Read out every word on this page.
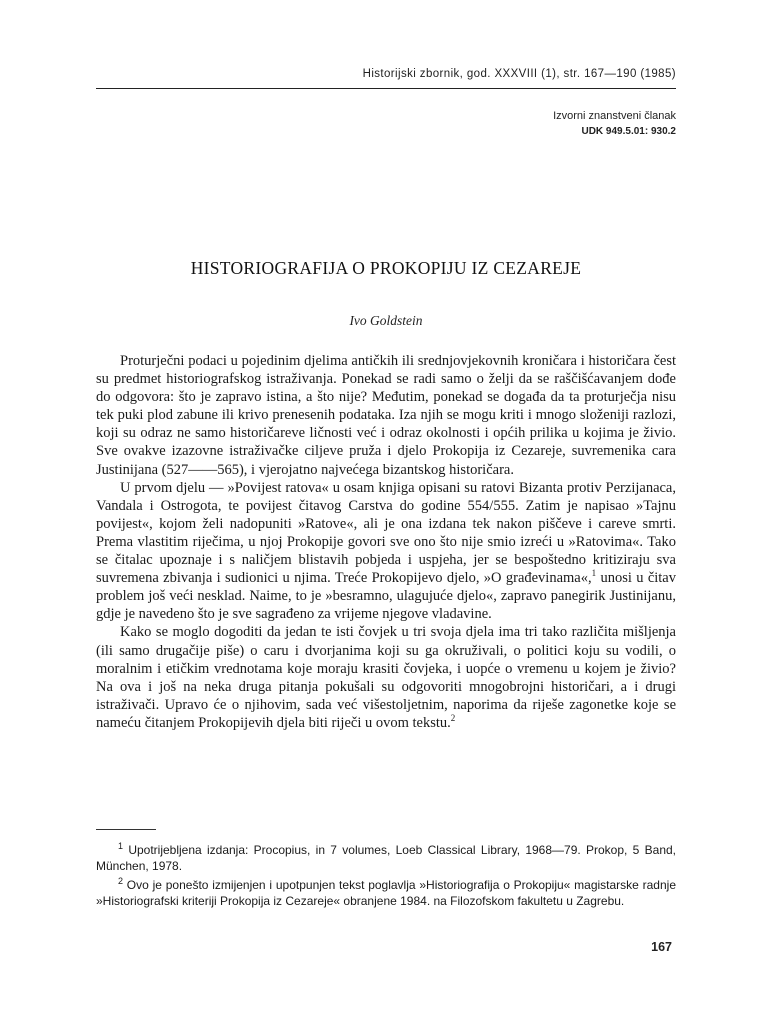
Historijski zbornik, god. XXXVIII (1), str. 167—190 (1985)
Izvorni znanstveni članak
UDK 949.5.01: 930.2
HISTORIOGRAFIJA O PROKOPIJU IZ CEZAREJE
Ivo Goldstein

Proturječni podaci u pojedinim djelima antičkih ili srednjovjekovnih kroničara i historičara čest su predmet historiografskog istraživanja. Ponekad se radi samo o želji da se raščišćavanjem dođe do odgovora: što je zapravo istina, a što nije? Međutim, ponekad se događa da ta proturječja nisu tek puki plod zabune ili krivo prenesenih podataka. Iza njih se mogu kriti i mnogo složeniji razlozi, koji su odraz ne samo historičareve ličnosti već i odraz okolnosti i općih prilika u kojima je živio. Sve ovakve izazovne istraživačke ciljeve pruža i djelo Prokopija iz Cezareje, suvremenika cara Justinijana (527——565), i vjerojatno najvećega bizantskog historičara.

U prvom djelu — »Povijest ratova« u osam knjiga opisani su ratovi Bizanta protiv Perzijanaca, Vandala i Ostrogota, te povijest čitavog Carstva do godine 554/555. Zatim je napisao »Tajnu povijest«, kojom želi nadopuniti »Ratove«, ali je ona izdana tek nakon piščeve i careve smrti. Prema vlastitim riječima, u njoj Prokopije govori sve ono što nije smio izreći u »Ratovima«. Tako se čitalac upoznaje i s naličjem blistavih pobjeda i uspjeha, jer se bespoštedno kritiziraju sva suvremena zbivanja i sudionici u njima. Treće Prokopijevo djelo, »O građevinama«,$^1$ unosi u čitav problem još veći nesklad. Naime, to je »besramno, ulagujuće djelo«, zapravo panegirik Justinijanu, gdje je navedeno što je sve sagrađeno za vrijeme njegove vladavine.

Kako se moglo dogoditi da jedan te isti čovjek u tri svoja djela ima tri tako različita mišljenja (ili samo drugačije piše) o caru i dvorjanima koji su ga okruživali, o politici koju su vodili, o moralnim i etičkim vrednotama koje moraju krasiti čovjeka, i uopće o vremenu u kojem je živio? Na ova i još na neka druga pitanja pokušali su odgovoriti mnogobrojni historičari, a i drugi istraživači. Upravo će o njihovim, sada već višestoljetnim, naporima da riješe zagonetke koje se nameću čitanjem Prokopijevih djela biti riječi u ovom tekstu.$^2$

$^1$ Upotrijebljena izdanja: Procopius, in 7 volumes, Loeb Classical Library, 1968—79. Prokop, 5 Band, München, 1978.

$^2$ Ovo je ponešto izmijenjen i upotpunjen tekst poglavlja »Historiografija o Prokopiju« magistarske radnje »Historiografski kriteriji Prokopija iz Cezareje« obranjene 1984. na Filozofskom fakultetu u Zagrebu.

167
